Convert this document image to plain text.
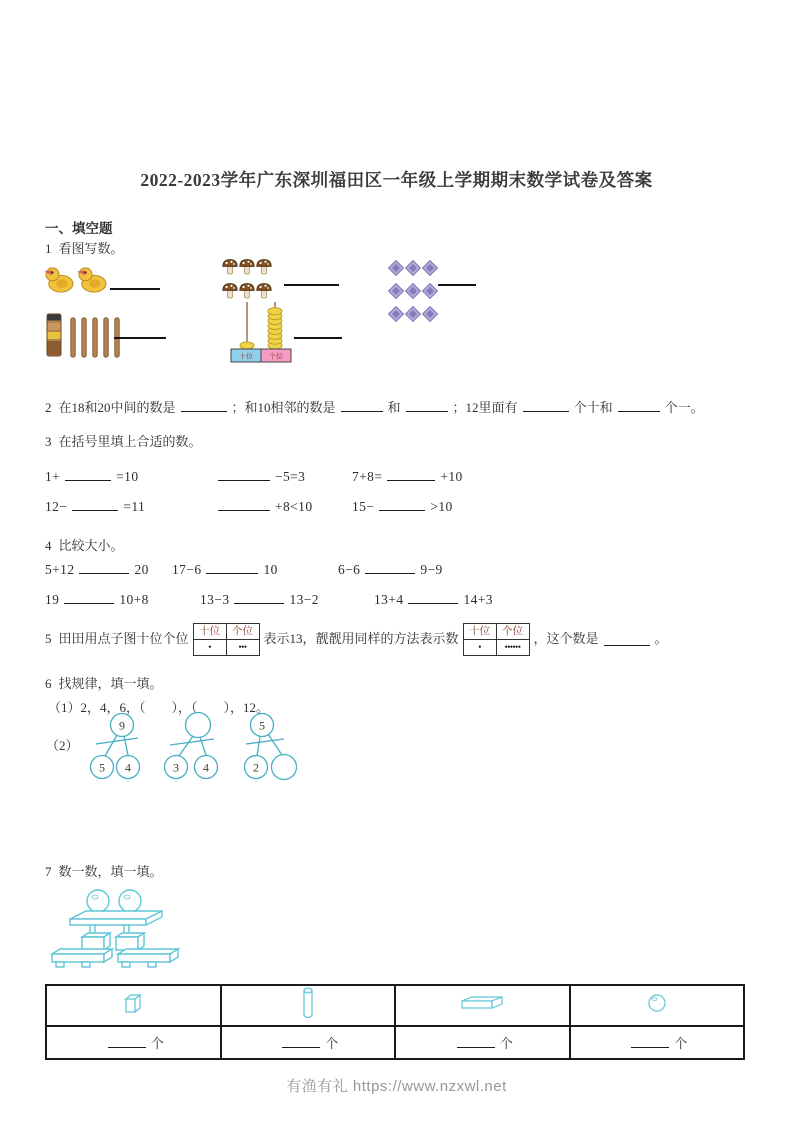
2022-2023学年广东深圳福田区一年级上学期期末数学试卷及答案
一、填空题
1 看图写数。
十位 个位
2 在18和20中间的数是	；和10相邻的数是	和	；12里面有	个十和	个一。
3 在括号里填上合适的数。
1+	=10	−5=3	7+8=	+10
12−	=11	+8<10	15−	>10
4 比较大小。
5+12	20 17−6	10	6−6	9−9
19	10+8	13−3	13−2	13+4	14+3
5 田田用点子图十位个位 十位	个位
•	•••
表示13，靓靓用同样的方法表示数 十位	个位
•	••••••
，这个数是	。
6 找规律，填一填。
（1）2，4，6，（　　），（　　），12。
（2）
9
5 4	3 4
5
2
7 数一数，填一填。

个	个	个	个
有渔有礼 https://www.nzxwl.net
